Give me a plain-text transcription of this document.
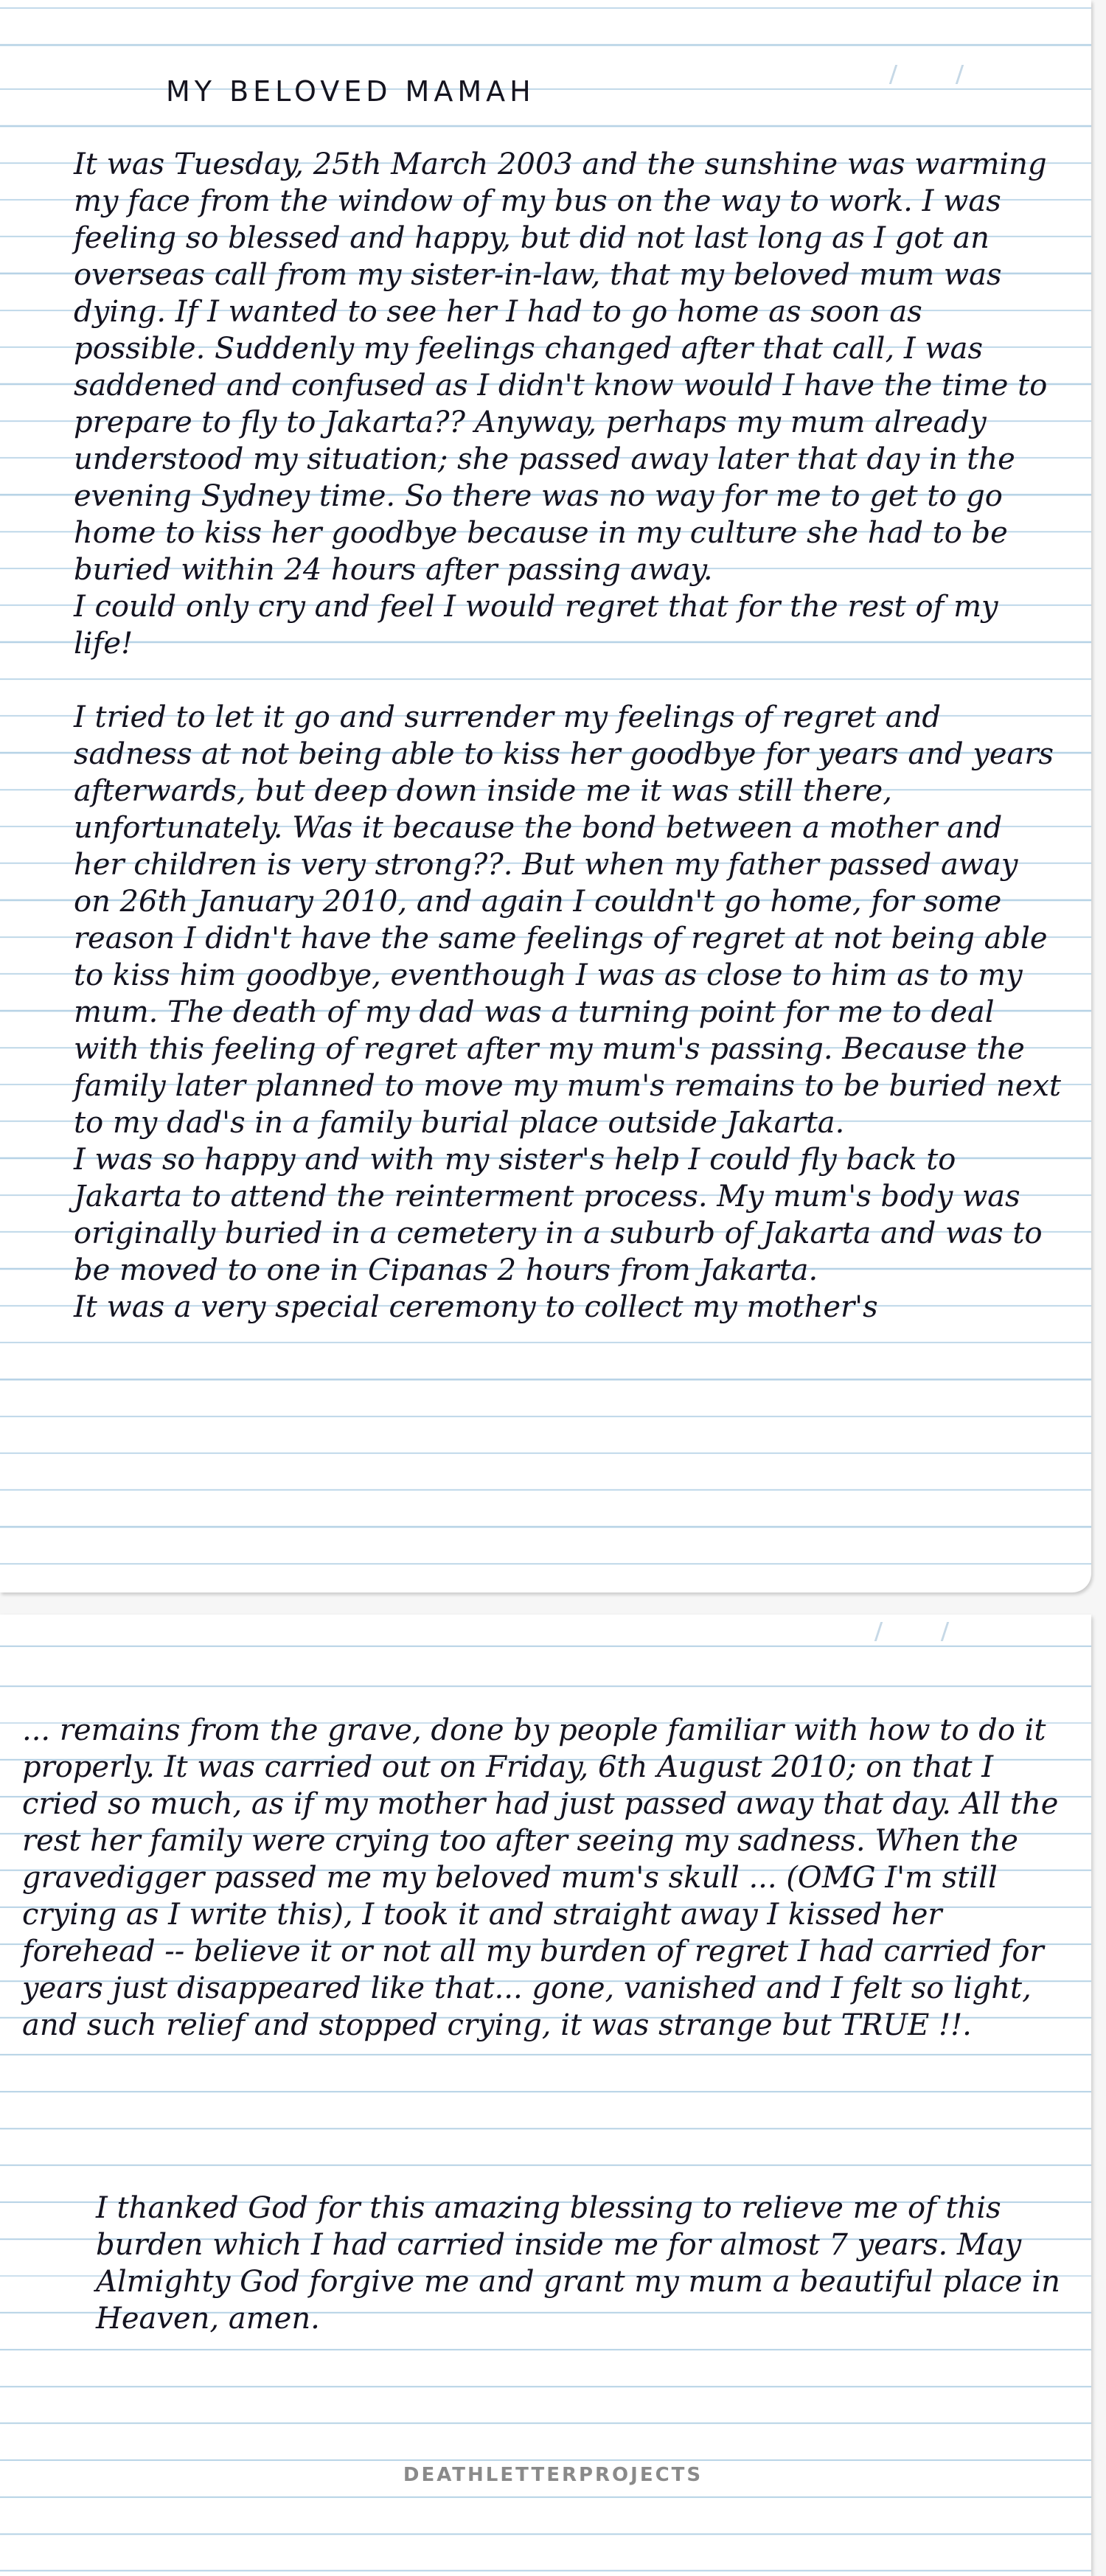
MY BELOVED MAMAH

It was Tuesday, 25th March 2003 and the sunshine was warming my face from the window of my bus on the way to work. I was feeling so blessed and happy, but did not last long as I got an overseas call from my sister-in-law, that my beloved mum was dying. If I wanted to see her I had to go home as soon as possible. Suddenly my feelings changed after that call, I was saddened and confused as I didn't know would I have the time to prepare to fly to Jakarta?? Anyway, perhaps my mum already understood my situation; she passed away later that day in the evening Sydney time. So there was no way for me to get to go home to kiss her goodbye because in my culture she had to be buried within 24 hours after passing away.

I could only cry and feel I would regret that for the rest of my life!

I tried to let it go and surrender my feelings of regret and sadness at not being able to kiss her goodbye for years and years afterwards, but deep down inside me it was still there, unfortunately. Was it because the bond between a mother and her children is very strong??. But when my father passed away on 26th January 2010, and again I couldn't go home, for some reason I didn't have the same feelings of regret at not being able to kiss him goodbye, eventhough I was as close to him as to my mum. The death of my dad was a turning point for me to deal with this feeling of regret after my mum's passing. Because the family later planned to move my mum's remains to be buried next to my dad's in a family burial place outside Jakarta.

I was so happy and with my sister's help I could fly back to Jakarta to attend the reinterment process. My mum's body was originally buried in a cemetery in a suburb of Jakarta and was to be moved to one in Cipanas 2 hours from Jakarta.

It was a very special ceremony to collect my mother's

... remains from the grave, done by people familiar with how to do it properly. It was carried out on Friday, 6th August 2010; on that I cried so much, as if my mother had just passed away that day. All the rest her family were crying too after seeing my sadness. When the gravedigger passed me my beloved mum's skull ... (OMG I'm still crying as I write this), I took it and straight away I kissed her forehead -- believe it or not all my burden of regret I had carried for years just disappeared like that... gone, vanished and I felt so light, and such relief and stopped crying, it was strange but TRUE !!.

I thanked God for this amazing blessing to relieve me of this burden which I had carried inside me for almost 7 years. May Almighty God forgive me and grant my mum a beautiful place in Heaven, amen.

DEATHLETTERPROJECTS
